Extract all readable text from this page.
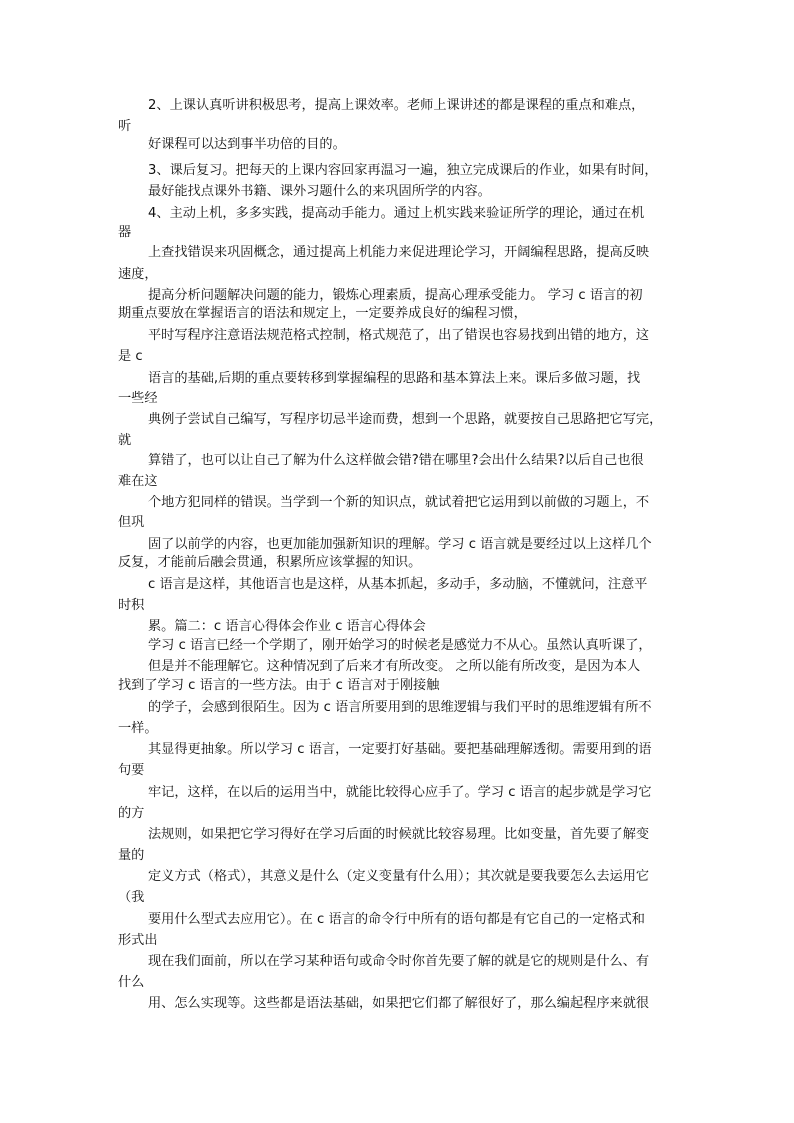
2、上课认真听讲积极思考，提高上课效率。老师上课讲述的都是课程的重点和难点，
听
好课程可以达到事半功倍的目的。
3、课后复习。把每天的上课内容回家再温习一遍，独立完成课后的作业，如果有时间，
最好能找点课外书籍、课外习题什么的来巩固所学的内容。
4、主动上机，多多实践，提高动手能力。通过上机实践来验证所学的理论，通过在机
器
上查找错误来巩固概念，通过提高上机能力来促进理论学习，开阔编程思路，提高反映
速度，
提高分析问题解决问题的能力，锻炼心理素质，提高心理承受能力。 学习 c 语言的初
期重点要放在掌握语言的语法和规定上，一定要养成良好的编程习惯，
平时写程序注意语法规范格式控制，格式规范了，出了错误也容易找到出错的地方，这
是 c
语言的基础,后期的重点要转移到掌握编程的思路和基本算法上来。课后多做习题，找
一些经
典例子尝试自己编写，写程序切忌半途而费，想到一个思路，就要按自己思路把它写完，
就
算错了，也可以让自己了解为什么这样做会错?错在哪里?会出什么结果?以后自己也很
难在这
个地方犯同样的错误。当学到一个新的知识点，就试着把它运用到以前做的习题上，不
但巩
固了以前学的内容，也更加能加强新知识的理解。学习 c 语言就是要经过以上这样几个
反复，才能前后融会贯通，积累所应该掌握的知识。
c 语言是这样，其他语言也是这样，从基本抓起，多动手，多动脑，不懂就问，注意平
时积
累。篇二：c 语言心得体会作业 c 语言心得体会
学习 c 语言已经一个学期了，刚开始学习的时候老是感觉力不从心。虽然认真听课了，
但是并不能理解它。这种情况到了后来才有所改变。 之所以能有所改变，是因为本人
找到了学习 c 语言的一些方法。由于 c 语言对于刚接触
的学子，会感到很陌生。因为 c 语言所要用到的思维逻辑与我们平时的思维逻辑有所不
一样。
其显得更抽象。所以学习 c 语言，一定要打好基础。要把基础理解透彻。需要用到的语
句要
牢记，这样，在以后的运用当中，就能比较得心应手了。学习 c 语言的起步就是学习它
的方
法规则，如果把它学习得好在学习后面的时候就比较容易理。比如变量，首先要了解变
量的
定义方式（格式），其意义是什么（定义变量有什么用）；其次就是要我要怎么去运用它
（我
要用什么型式去应用它）。在 c 语言的命令行中所有的语句都是有它自己的一定格式和
形式出
现在我们面前，所以在学习某种语句或命令时你首先要了解的就是它的规则是什么、有
什么
用、怎么实现等。这些都是语法基础，如果把它们都了解很好了，那么编起程序来就很
